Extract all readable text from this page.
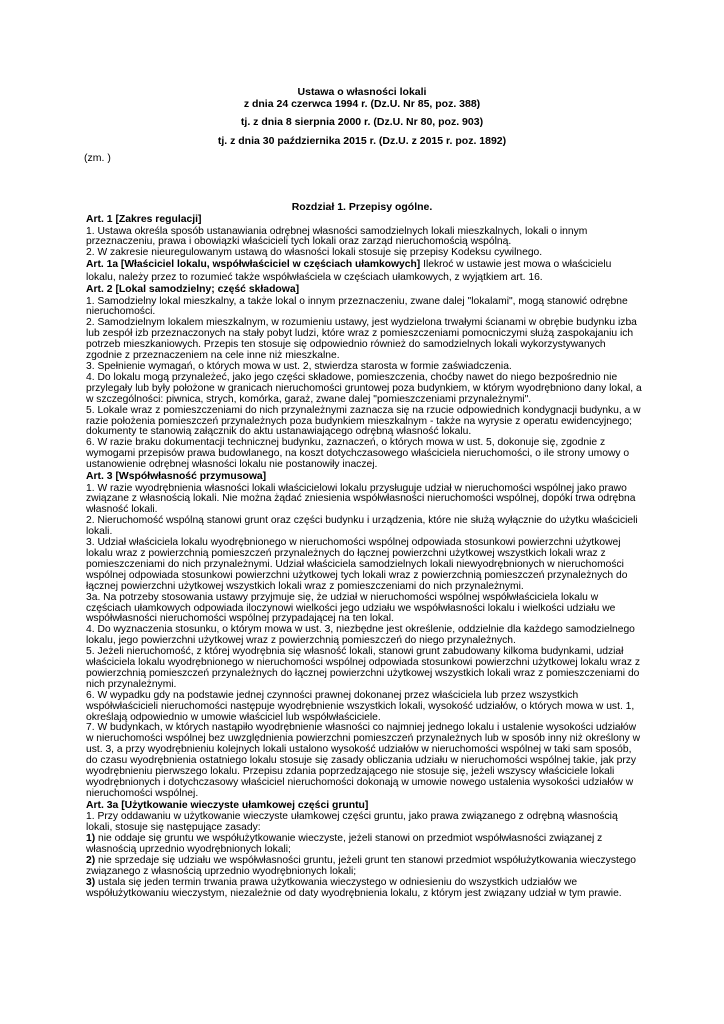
Ustawa o własności lokali
z dnia 24 czerwca 1994 r. (Dz.U. Nr 85, poz. 388)
tj. z dnia 8 sierpnia 2000 r. (Dz.U. Nr 80, poz. 903)
tj. z dnia 30 października 2015 r. (Dz.U. z 2015 r. poz. 1892)
(zm. )
Rozdział 1. Przepisy ogólne.

Art. 1 [Zakres regulacji]

1. Ustawa określa sposób ustanawiania odrębnej własności samodzielnych lokali mieszkalnych, lokali o innym przeznaczeniu, prawa i obowiązki właścicieli tych lokali oraz zarząd nieruchomością wspólną.

2. W zakresie nieuregulowanym ustawą do własności lokali stosuje się przepisy Kodeksu cywilnego.

Art. 1a [Właściciel lokalu, współwłaściciel w częściach ułamkowych] Ilekroć w ustawie jest mowa o właścicielu lokalu, należy przez to rozumieć także współwłaściela w częściach ułamkowych, z wyjątkiem art. 16.

Art. 2 [Lokal samodzielny; część składowa]

1. Samodzielny lokal mieszkalny, a także lokal o innym przeznaczeniu, zwane dalej "lokalami", mogą stanowić odrębne nieruchomości.

2. Samodzielnym lokalem mieszkalnym, w rozumieniu ustawy, jest wydzielona trwałymi ścianami w obrębie budynku izba lub zespół izb przeznaczonych na stały pobyt ludzi, które wraz z pomieszczeniami pomocniczymi służą zaspokajaniu ich potrzeb mieszkaniowych. Przepis ten stosuje się odpowiednio również do samodzielnych lokali wykorzystywanych zgodnie z przeznaczeniem na cele inne niż mieszkalne.

3. Spełnienie wymagań, o których mowa w ust. 2, stwierdza starosta w formie zaświadczenia.

4. Do lokalu mogą przynależeć, jako jego części składowe, pomieszczenia, choćby nawet do niego bezpośrednio nie przylegały lub były położone w granicach nieruchomości gruntowej poza budynkiem, w którym wyodrębniono dany lokal, a w szczególności: piwnica, strych, komórka, garaż, zwane dalej "pomieszczeniami przynależnymi".

5. Lokale wraz z pomieszczeniami do nich przynależnymi zaznacza się na rzucie odpowiednich kondygnacji budynku, a w razie położenia pomieszczeń przynależnych poza budynkiem mieszkalnym - także na wyrysie z operatu ewidencyjnego; dokumenty te stanowią załącznik do aktu ustanawiającego odrębną własność lokalu.

6. W razie braku dokumentacji technicznej budynku, zaznaczeń, o których mowa w ust. 5, dokonuje się, zgodnie z wymogami przepisów prawa budowlanego, na koszt dotychczasowego właściciela nieruchomości, o ile strony umowy o ustanowienie odrębnej własności lokalu nie postanowiły inaczej.

Art. 3 [Współwłasność przymusowa]

1. W razie wyodrębnienia własności lokali właścicielowi lokalu przysługuje udział w nieruchomości wspólnej jako prawo związane z własnością lokali. Nie można żądać zniesienia współwłasności nieruchomości wspólnej, dopóki trwa odrębna własność lokali.

2. Nieruchomość wspólną stanowi grunt oraz części budynku i urządzenia, które nie służą wyłącznie do użytku właścicieli lokali.

3. Udział właściciela lokalu wyodrębnionego w nieruchomości wspólnej odpowiada stosunkowi powierzchni użytkowej lokalu wraz z powierzchnią pomieszczeń przynależnych do łącznej powierzchni użytkowej wszystkich lokali wraz z pomieszczeniami do nich przynależnymi. Udział właściciela samodzielnych lokali niewyodrębnionych w nieruchomości wspólnej odpowiada stosunkowi powierzchni użytkowej tych lokali wraz z powierzchnią pomieszczeń przynależnych do łącznej powierzchni użytkowej wszystkich lokali wraz z pomieszczeniami do nich przynależnymi.

3a. Na potrzeby stosowania ustawy przyjmuje się, że udział w nieruchomości wspólnej współwłaściciela lokalu w częściach ułamkowych odpowiada iloczynowi wielkości jego udziału we współwłasności lokalu i wielkości udziału we współwłasności nieruchomości wspólnej przypadającej na ten lokal.

4. Do wyznaczenia stosunku, o którym mowa w ust. 3, niezbędne jest określenie, oddzielnie dla każdego samodzielnego lokalu, jego powierzchni użytkowej wraz z powierzchnią pomieszczeń do niego przynależnych.

5. Jeżeli nieruchomość, z której wyodrębnia się własność lokali, stanowi grunt zabudowany kilkoma budynkami, udział właściciela lokalu wyodrębnionego w nieruchomości wspólnej odpowiada stosunkowi powierzchni użytkowej lokalu wraz z powierzchnią pomieszczeń przynależnych do łącznej powierzchni użytkowej wszystkich lokali wraz z pomieszczeniami do nich przynależnymi.

6. W wypadku gdy na podstawie jednej czynności prawnej dokonanej przez właściciela lub przez wszystkich współwłaścicieli nieruchomości następuje wyodrębnienie wszystkich lokali, wysokość udziałów, o których mowa w ust. 1, określają odpowiednio w umowie właściciel lub współwłaściciele.

7. W budynkach, w których nastąpiło wyodrębnienie własności co najmniej jednego lokalu i ustalenie wysokości udziałów w nieruchomości wspólnej bez uwzględnienia powierzchni pomieszczeń przynależnych lub w sposób inny niż określony w ust. 3, a przy wyodrębnieniu kolejnych lokali ustalono wysokość udziałów w nieruchomości wspólnej w taki sam sposób, do czasu wyodrębnienia ostatniego lokalu stosuje się zasady obliczania udziału w nieruchomości wspólnej takie, jak przy wyodrębnieniu pierwszego lokalu. Przepisu zdania poprzedzającego nie stosuje się, jeżeli wszyscy właściciele lokali wyodrębnionych i dotychczasowy właściciel nieruchomości dokonają w umowie nowego ustalenia wysokości udziałów w nieruchomości wspólnej.

Art. 3a [Użytkowanie wieczyste ułamkowej części gruntu]

1. Przy oddawaniu w użytkowanie wieczyste ułamkowej części gruntu, jako prawa związanego z odrębną własnością lokali, stosuje się następujące zasady:

1) nie oddaje się gruntu we współużytkowanie wieczyste, jeżeli stanowi on przedmiot współwłasności związanej z własnością uprzednio wyodrębnionych lokali;

2) nie sprzedaje się udziału we współwłasności gruntu, jeżeli grunt ten stanowi przedmiot współużytkowania wieczystego związanego z własnością uprzednio wyodrębnionych lokali;

3) ustala się jeden termin trwania prawa użytkowania wieczystego w odniesieniu do wszystkich udziałów we współużytkowaniu wieczystym, niezależnie od daty wyodrębnienia lokalu, z którym jest związany udział w tym prawie.
